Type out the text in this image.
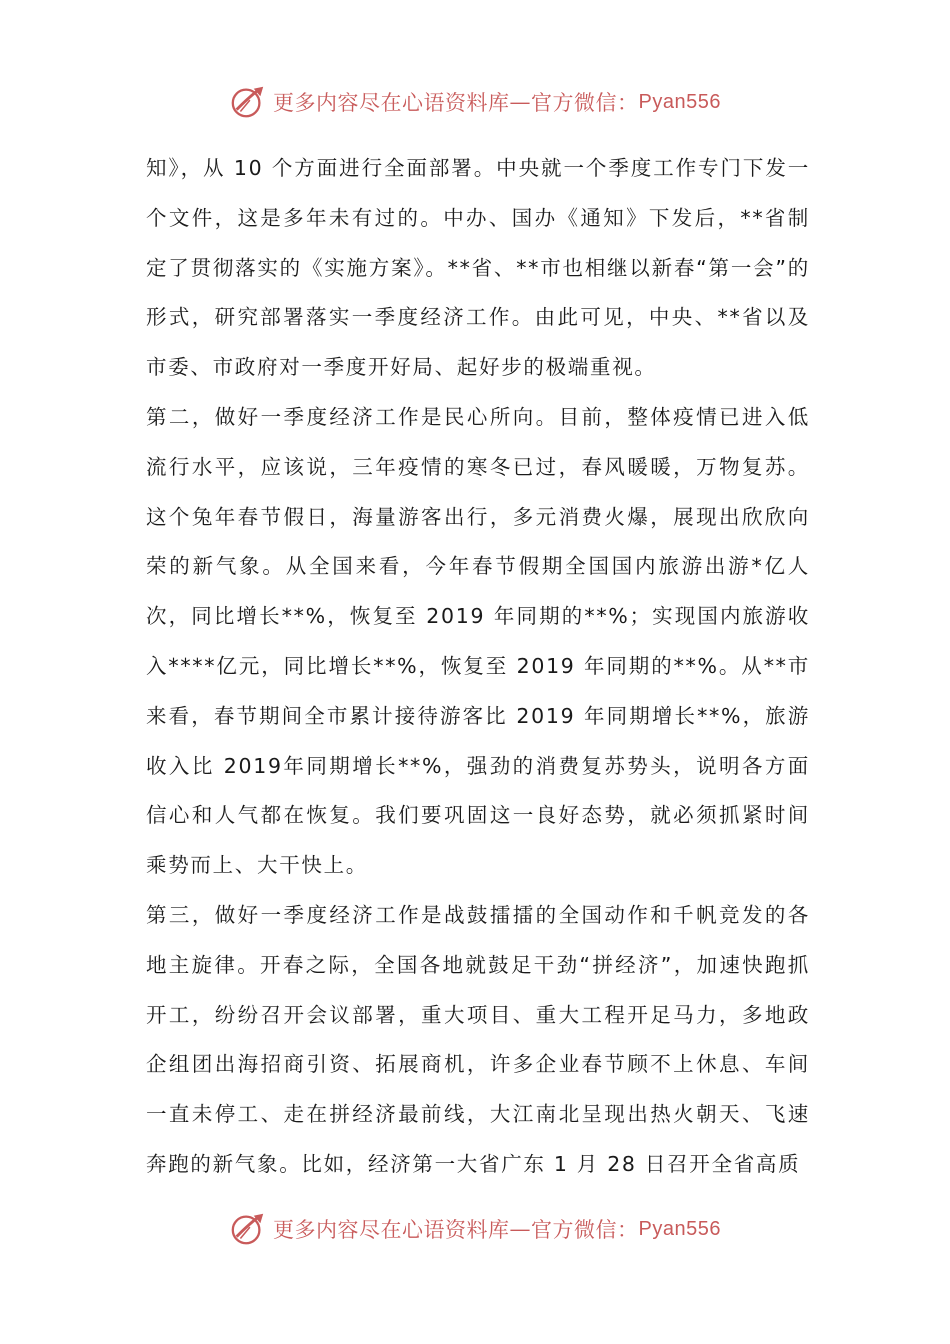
更多内容尽在心语资料库 — 官方微信： Pyan556

知》，从 10 个方面进行全面部署。中央就一个季度工作专门下发一个文件，这是多年未有过的。中办、国办《通知》下发后，**省制定了贯彻落实的《实施方案》。**省、**市也相继以新春“第一会”的形式，研究部署落实一季度经济工作。由此可见，中央、**省以及市委、市政府对一季度开好局、起好步的极端重视。

第二，做好一季度经济工作是民心所向。目前，整体疫情已进入低流行水平，应该说，三年疫情的寒冬已过，春风暖暖，万物复苏。这个兔年春节假日，海量游客出行，多元消费火爆，展现出欣欣向荣的新气象。从全国来看，今年春节假期全国国内旅游出游*亿人次，同比增长**%，恢复至 2019 年同期的**%；实现国内旅游收入****亿元，同比增长**%，恢复至 2019 年同期的**%。从**市来看，春节期间全市累计接待游客比 2019 年同期增长**%，旅游收入比 2019年同期增长**%，强劲的消费复苏势头，说明各方面信心和人气都在恢复。我们要巩固这一良好态势，就必须抓紧时间乘势而上、大干快上。

第三，做好一季度经济工作是战鼓擂擂的全国动作和千帆竞发的各地主旋律。开春之际，全国各地就鼓足干劲“拼经济”，加速快跑抓开工，纷纷召开会议部署，重大项目、重大工程开足马力，多地政企组团出海招商引资、拓展商机，许多企业春节顾不上休息、车间一直未停工、走在拼经济最前线，大江南北呈现出热火朝天、飞速奔跑的新气象。比如，经济第一大省广东 1 月 28 日召开全省高质

更多内容尽在心语资料库 — 官方微信： Pyan556
